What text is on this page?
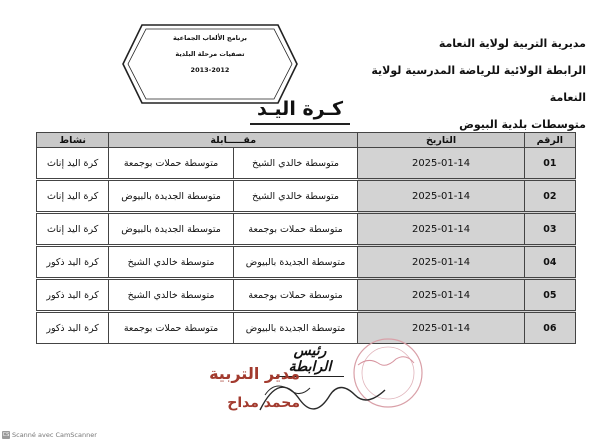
مديرية التربية لولاية النعامة
الرابطة الولائية للرياضة المدرسية لولاية النعامة
متوسطات بلدية البيوض
برنامج الألعاب الجماعية
تصفيات مرحلة البلدية
2013-2012
كـرة اليـد
الرقم	التاريخ	مقـــــابلة		نشاط
01	2025-01-14	متوسطة خالدي الشيخ	متوسطة حملات بوجمعة	كرة اليد إناث
02	2025-01-14	متوسطة خالدي الشيخ	متوسطة الجديدة بالبيوض	كرة اليد إناث
03	2025-01-14	متوسطة حملات بوجمعة	متوسطة الجديدة بالبيوض	كرة اليد إناث
04	2025-01-14	متوسطة الجديدة بالبيوض	متوسطة خالدي الشيخ	كرة اليد ذكور
05	2025-01-14	متوسطة حملات بوجمعة	متوسطة خالدي الشيخ	كرة اليد ذكور
06	2025-01-14	متوسطة الجديدة بالبيوض	متوسطة حملات بوجمعة	كرة اليد ذكور
رئيس الرابطة
مدير التربية
محمد مداح
CS Scanné avec CamScanner
